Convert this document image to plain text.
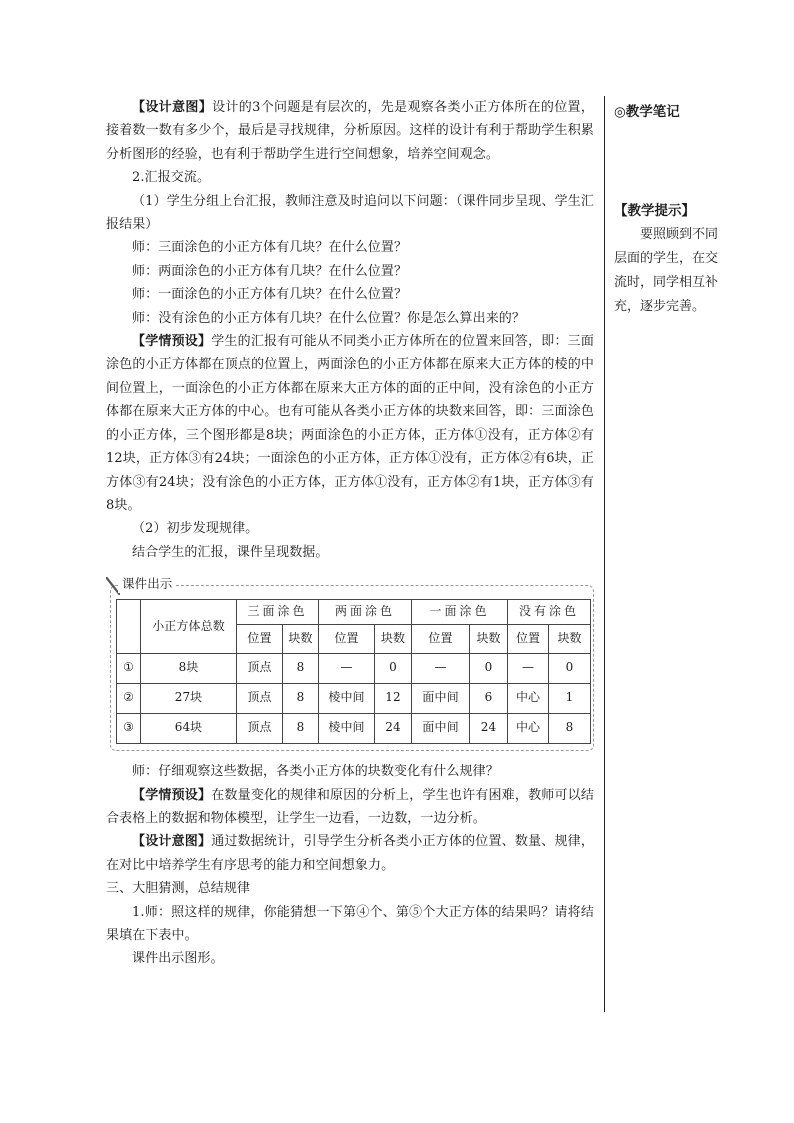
【设计意图】设计的3个问题是有层次的，先是观察各类小正方体所在的位置，接着数一数有多少个，最后是寻找规律，分析原因。这样的设计有利于帮助学生积累分析图形的经验，也有利于帮助学生进行空间想象，培养空间观念。

2.汇报交流。

（1）学生分组上台汇报，教师注意及时追问以下问题：（课件同步呈现、学生汇报结果）

师：三面涂色的小正方体有几块？在什么位置？

师：两面涂色的小正方体有几块？在什么位置？

师：一面涂色的小正方体有几块？在什么位置？

师：没有涂色的小正方体有几块？在什么位置？你是怎么算出来的？

【学情预设】学生的汇报有可能从不同类小正方体所在的位置来回答，即：三面涂色的小正方体都在顶点的位置上，两面涂色的小正方体都在原来大正方体的棱的中间位置上，一面涂色的小正方体都在原来大正方体的面的正中间，没有涂色的小正方体都在原来大正方体的中心。也有可能从各类小正方体的块数来回答，即：三面涂色的小正方体，三个图形都是8块；两面涂色的小正方体，正方体①没有，正方体②有12块，正方体③有24块；一面涂色的小正方体，正方体①没有，正方体②有6块，正方体③有24块；没有涂色的小正方体，正方体①没有，正方体②有1块，正方体③有8块。

（2）初步发现规律。

结合学生的汇报，课件呈现数据。

课件出示
	小正方体总数	三面涂色		两面涂色		一面涂色		没有涂色	
		位置	块数	位置	块数	位置	块数	位置	块数
①	8块	顶点	8	—	0	—	0	—	0
②	27块	顶点	8	棱中间	12	面中间	6	中心	1
③	64块	顶点	8	棱中间	24	面中间	24	中心	8

师：仔细观察这些数据，各类小正方体的块数变化有什么规律？

【学情预设】在数量变化的规律和原因的分析上，学生也许有困难，教师可以结合表格上的数据和物体模型，让学生一边看，一边数，一边分析。

【设计意图】通过数据统计，引导学生分析各类小正方体的位置、数量、规律，在对比中培养学生有序思考的能力和空间想象力。

三、大胆猜测，总结规律

1.师：照这样的规律，你能猜想一下第④个、第⑤个大正方体的结果吗？请将结果填在下表中。

课件出示图形。

◎教学笔记
【教学提示】

要照顾到不同层面的学生，在交流时，同学相互补充，逐步完善。
